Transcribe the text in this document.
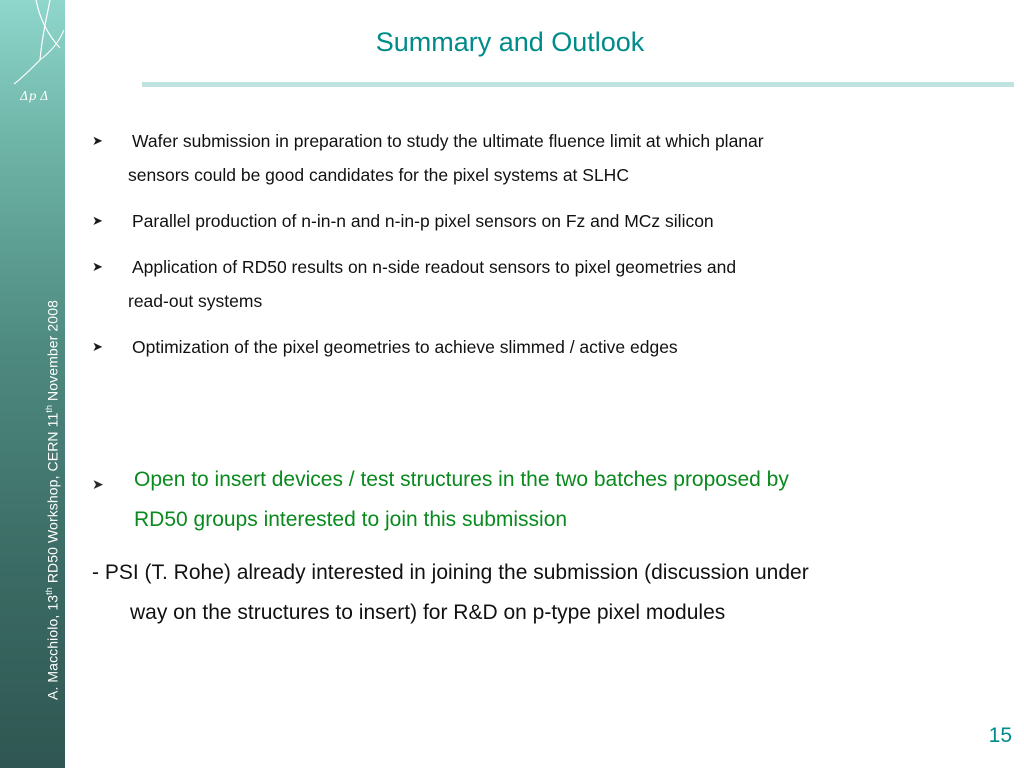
Δp Δ
A. Macchiolo, 13th RD50 Workshop, CERN 11th November 2008
Summary and Outlook
➤ Wafer submission in preparation to study the ultimate fluence limit at which planar
sensors could be good candidates for the pixel systems at SLHC
➤ Parallel production of n-in-n and n-in-p pixel sensors on Fz and MCz silicon
➤ Application of RD50 results on n-side readout sensors to pixel geometries and
read-out systems
➤ Optimization of the pixel geometries to achieve slimmed / active edges
➤ Open to insert devices / test structures in the two batches proposed by
RD50 groups interested to join this submission
- PSI (T. Rohe) already interested in joining the submission (discussion under
way on the structures to insert) for R&D on p-type pixel modules
15
